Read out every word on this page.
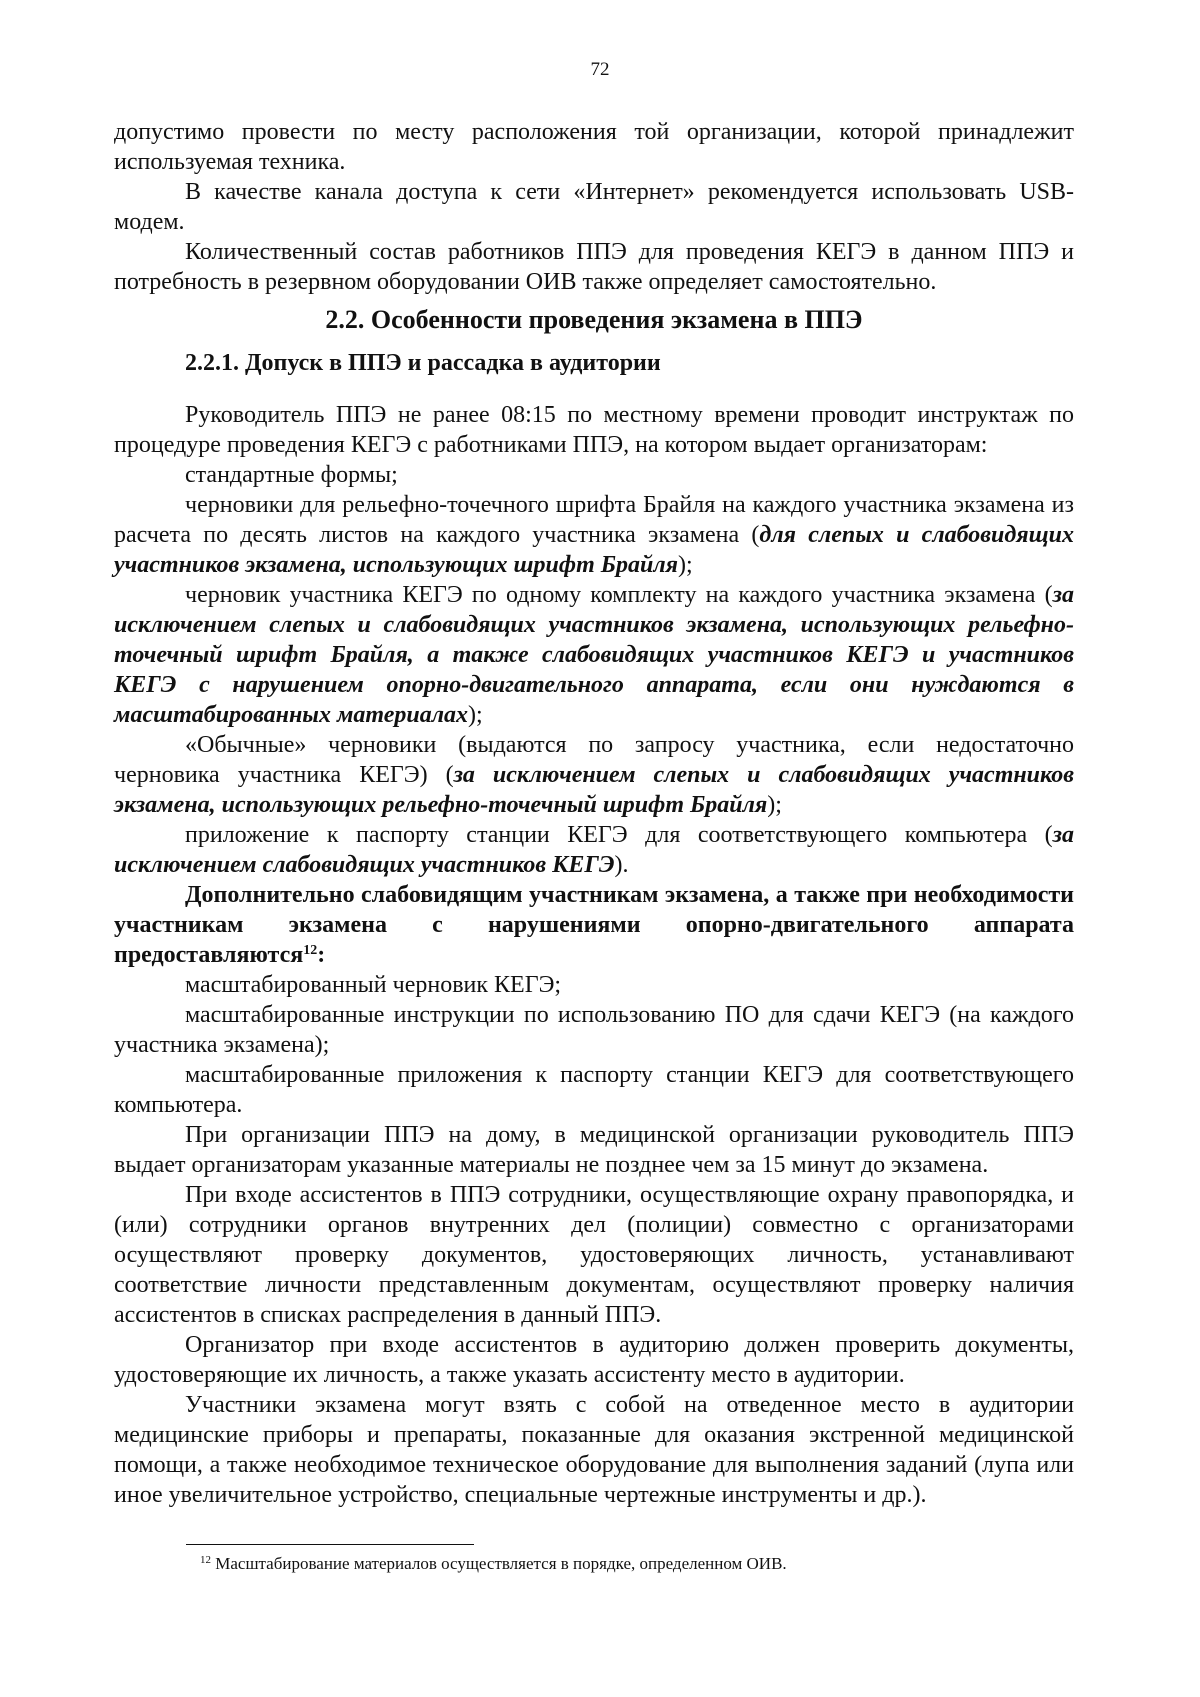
72

допустимо провести по месту расположения той организации, которой принадлежит используемая техника.

В качестве канала доступа к сети «Интернет» рекомендуется использовать USB-модем.

Количественный состав работников ППЭ для проведения КЕГЭ в данном ППЭ и потребность в резервном оборудовании ОИВ также определяет самостоятельно.

2.2. Особенности проведения экзамена в ППЭ
2.2.1. Допуск в ППЭ и рассадка в аудитории

Руководитель ППЭ не ранее 08:15 по местному времени проводит инструктаж по процедуре проведения КЕГЭ с работниками ППЭ, на котором выдает организаторам:

стандартные формы;

черновики для рельефно-точечного шрифта Брайля на каждого участника экзамена из расчета по десять листов на каждого участника экзамена (для слепых и слабовидящих участников экзамена, использующих шрифт Брайля);

черновик участника КЕГЭ по одному комплекту на каждого участника экзамена (за исключением слепых и слабовидящих участников экзамена, использующих рельефно-точечный шрифт Брайля, а также слабовидящих участников КЕГЭ и участников КЕГЭ с нарушением опорно-двигательного аппарата, если они нуждаются в масштабированных материалах);

«Обычные» черновики (выдаются по запросу участника, если недостаточно черновика участника КЕГЭ) (за исключением слепых и слабовидящих участников экзамена, использующих рельефно-точечный шрифт Брайля);

приложение к паспорту станции КЕГЭ для соответствующего компьютера (за исключением слабовидящих участников КЕГЭ).

Дополнительно слабовидящим участникам экзамена, а также при необходимости участникам экзамена с нарушениями опорно-двигательного аппарата предоставляются$^{12}$:

масштабированный черновик КЕГЭ;

масштабированные инструкции по использованию ПО для сдачи КЕГЭ (на каждого участника экзамена);

масштабированные приложения к паспорту станции КЕГЭ для соответствующего компьютера.

При организации ППЭ на дому, в медицинской организации руководитель ППЭ выдает организаторам указанные материалы не позднее чем за 15 минут до экзамена.

При входе ассистентов в ППЭ сотрудники, осуществляющие охрану правопорядка, и (или) сотрудники органов внутренних дел (полиции) совместно с организаторами осуществляют проверку документов, удостоверяющих личность, устанавливают соответствие личности представленным документам, осуществляют проверку наличия ассистентов в списках распределения в данный ППЭ.

Организатор при входе ассистентов в аудиторию должен проверить документы, удостоверяющие их личность, а также указать ассистенту место в аудитории.

Участники экзамена могут взять с собой на отведенное место в аудитории медицинские приборы и препараты, показанные для оказания экстренной медицинской помощи, а также необходимое техническое оборудование для выполнения заданий (лупа или иное увеличительное устройство, специальные чертежные инструменты и др.).

$^{12}$ Масштабирование материалов осуществляется в порядке, определенном ОИВ.
